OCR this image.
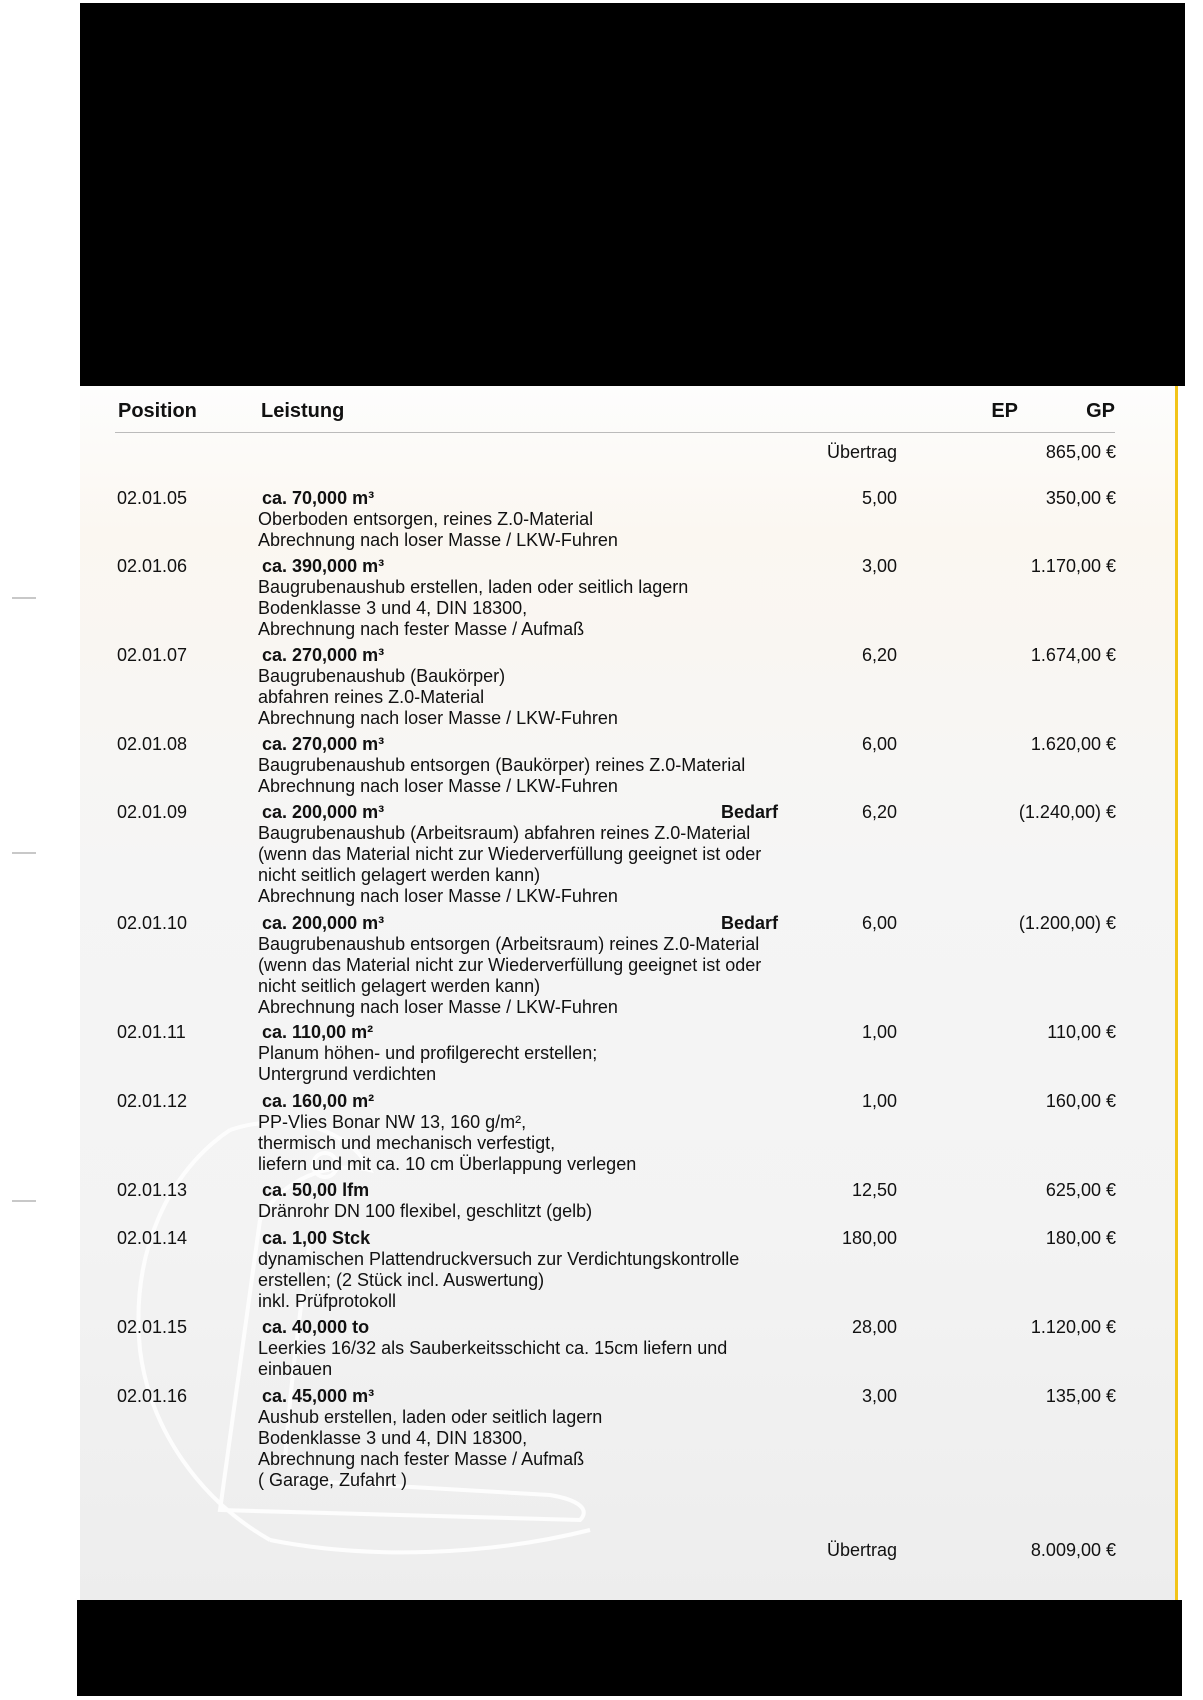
Position	Leistung	EP	GP
Übertrag	865,00 €
02.01.05	ca. 70,000 m³
Oberboden entsorgen, reines Z.0-Material
Abrechnung nach loser Masse / LKW-Fuhren
5,00	350,00 €
02.01.06	ca. 390,000 m³
Baugrubenaushub erstellen, laden oder seitlich lagern
Bodenklasse 3 und 4, DIN 18300,
Abrechnung nach fester Masse / Aufmaß
3,00	1.170,00 €
02.01.07	ca. 270,000 m³
Baugrubenaushub (Baukörper)
abfahren reines Z.0-Material
Abrechnung nach loser Masse / LKW-Fuhren
6,20	1.674,00 €
02.01.08	ca. 270,000 m³
Baugrubenaushub entsorgen (Baukörper) reines Z.0-Material
Abrechnung nach loser Masse / LKW-Fuhren
6,00	1.620,00 €
02.01.09	ca. 200,000 m³	Bedarf
Baugrubenaushub (Arbeitsraum) abfahren reines Z.0-Material
(wenn das Material nicht zur Wiederverfüllung geeignet ist oder
nicht seitlich gelagert werden kann)
Abrechnung nach loser Masse / LKW-Fuhren
6,20	(1.240,00) €
02.01.10	ca. 200,000 m³	Bedarf
Baugrubenaushub entsorgen (Arbeitsraum) reines Z.0-Material
(wenn das Material nicht zur Wiederverfüllung geeignet ist oder
nicht seitlich gelagert werden kann)
Abrechnung nach loser Masse / LKW-Fuhren
6,00	(1.200,00) €
02.01.11	ca. 110,00 m²
Planum höhen- und profilgerecht erstellen;
Untergrund verdichten
1,00	110,00 €
02.01.12	ca. 160,00 m²
PP-Vlies Bonar NW 13, 160 g/m²,
thermisch und mechanisch verfestigt,
liefern und mit ca. 10 cm Überlappung verlegen
1,00	160,00 €
02.01.13	ca. 50,00 lfm
Dränrohr DN 100 flexibel, geschlitzt (gelb)
12,50	625,00 €
02.01.14	ca. 1,00 Stck
dynamischen Plattendruckversuch zur Verdichtungskontrolle
erstellen; (2 Stück incl. Auswertung)
inkl. Prüfprotokoll
180,00	180,00 €
02.01.15	ca. 40,000 to
Leerkies 16/32 als Sauberkeitsschicht ca. 15cm liefern und
einbauen
28,00	1.120,00 €
02.01.16	ca. 45,000 m³
Aushub erstellen, laden oder seitlich lagern
Bodenklasse 3 und 4, DIN 18300,
Abrechnung nach fester Masse / Aufmaß
( Garage, Zufahrt )
3,00	135,00 €
Übertrag	8.009,00 €
